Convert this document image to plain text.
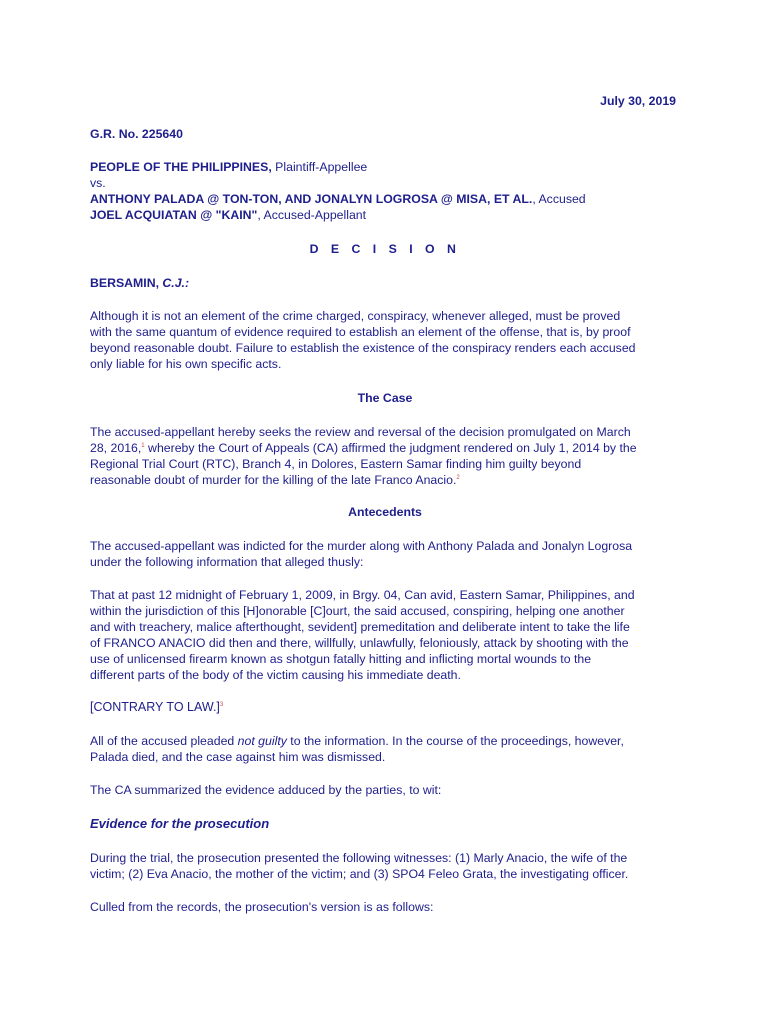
July 30, 2019
G.R. No. 225640
PEOPLE OF THE PHILIPPINES, Plaintiff-Appellee
vs.
ANTHONY PALADA @ TON-TON, AND JONALYN LOGROSA @ MISA, ET AL., Accused
JOEL ACQUIATAN @ "KAIN", Accused-Appellant
D E C I S I O N
BERSAMIN, C.J.:
Although it is not an element of the crime charged, conspiracy, whenever alleged, must be proved
with the same quantum of evidence required to establish an element of the offense, that is, by proof
beyond reasonable doubt. Failure to establish the existence of the conspiracy renders each accused
only liable for his own specific acts.
The Case
The accused-appellant hereby seeks the review and reversal of the decision promulgated on March
28, 2016,$^1$ whereby the Court of Appeals (CA) affirmed the judgment rendered on July 1, 2014 by the
Regional Trial Court (RTC), Branch 4, in Dolores, Eastern Samar finding him guilty beyond
reasonable doubt of murder for the killing of the late Franco Anacio.$^2$
Antecedents
The accused-appellant was indicted for the murder along with Anthony Palada and Jonalyn Logrosa
under the following information that alleged thusly:
That at past 12 midnight of February 1, 2009, in Brgy. 04, Can avid, Eastern Samar, Philippines, and
within the jurisdiction of this [H]onorable [C]ourt, the said accused, conspiring, helping one another
and with treachery, malice afterthought, sevident] premeditation and deliberate intent to take the life
of FRANCO ANACIO did then and there, willfully, unlawfully, feloniously, attack by shooting with the
use of unlicensed firearm known as shotgun fatally hitting and inflicting mortal wounds to the
different parts of the body of the victim causing his immediate death.
[CONTRARY TO LAW.]$^3$
All of the accused pleaded not guilty to the information. In the course of the proceedings, however,
Palada died, and the case against him was dismissed.
The CA summarized the evidence adduced by the parties, to wit:
Evidence for the prosecution
During the trial, the prosecution presented the following witnesses: (1) Marly Anacio, the wife of the
victim; (2) Eva Anacio, the mother of the victim; and (3) SPO4 Feleo Grata, the investigating officer.
Culled from the records, the prosecution's version is as follows:
